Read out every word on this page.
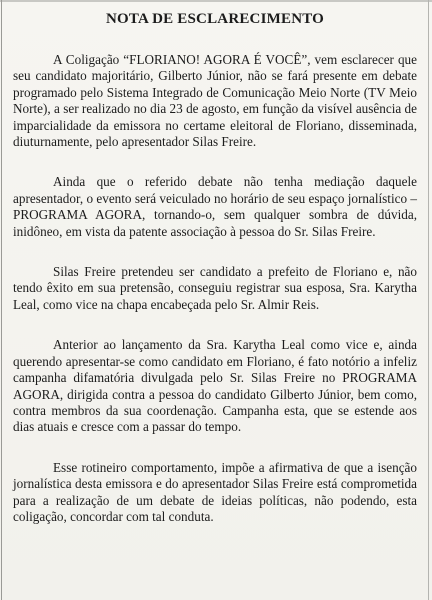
NOTA DE ESCLARECIMENTO

A Coligação “FLORIANO! AGORA É VOCÊ”, vem esclarecer que seu candidato majoritário, Gilberto Júnior, não se fará presente em debate programado pelo Sistema Integrado de Comunicação Meio Norte (TV Meio Norte), a ser realizado no dia 23 de agosto, em função da visível ausência de imparcialidade da emissora no certame eleitoral de Floriano, disseminada, diuturnamente, pelo apresentador Silas Freire.

Ainda que o referido debate não tenha mediação daquele apresentador, o evento será veiculado no horário de seu espaço jornalístico – PROGRAMA AGORA, tornando-o, sem qualquer sombra de dúvida, inidôneo, em vista da patente associação à pessoa do Sr. Silas Freire.

Silas Freire pretendeu ser candidato a prefeito de Floriano e, não tendo êxito em sua pretensão, conseguiu registrar sua esposa, Sra. Karytha Leal, como vice na chapa encabeçada pelo Sr. Almir Reis.

Anterior ao lançamento da Sra. Karytha Leal como vice e, ainda querendo apresentar-se como candidato em Floriano, é fato notório a infeliz campanha difamatória divulgada pelo Sr. Silas Freire no PROGRAMA AGORA, dirigida contra a pessoa do candidato Gilberto Júnior, bem como, contra membros da sua coordenação. Campanha esta, que se estende aos dias atuais e cresce com a passar do tempo.

Esse rotineiro comportamento, impõe a afirmativa de que a isenção jornalística desta emissora e do apresentador Silas Freire está comprometida para a realização de um debate de ideias políticas, não podendo, esta coligação, concordar com tal conduta.
